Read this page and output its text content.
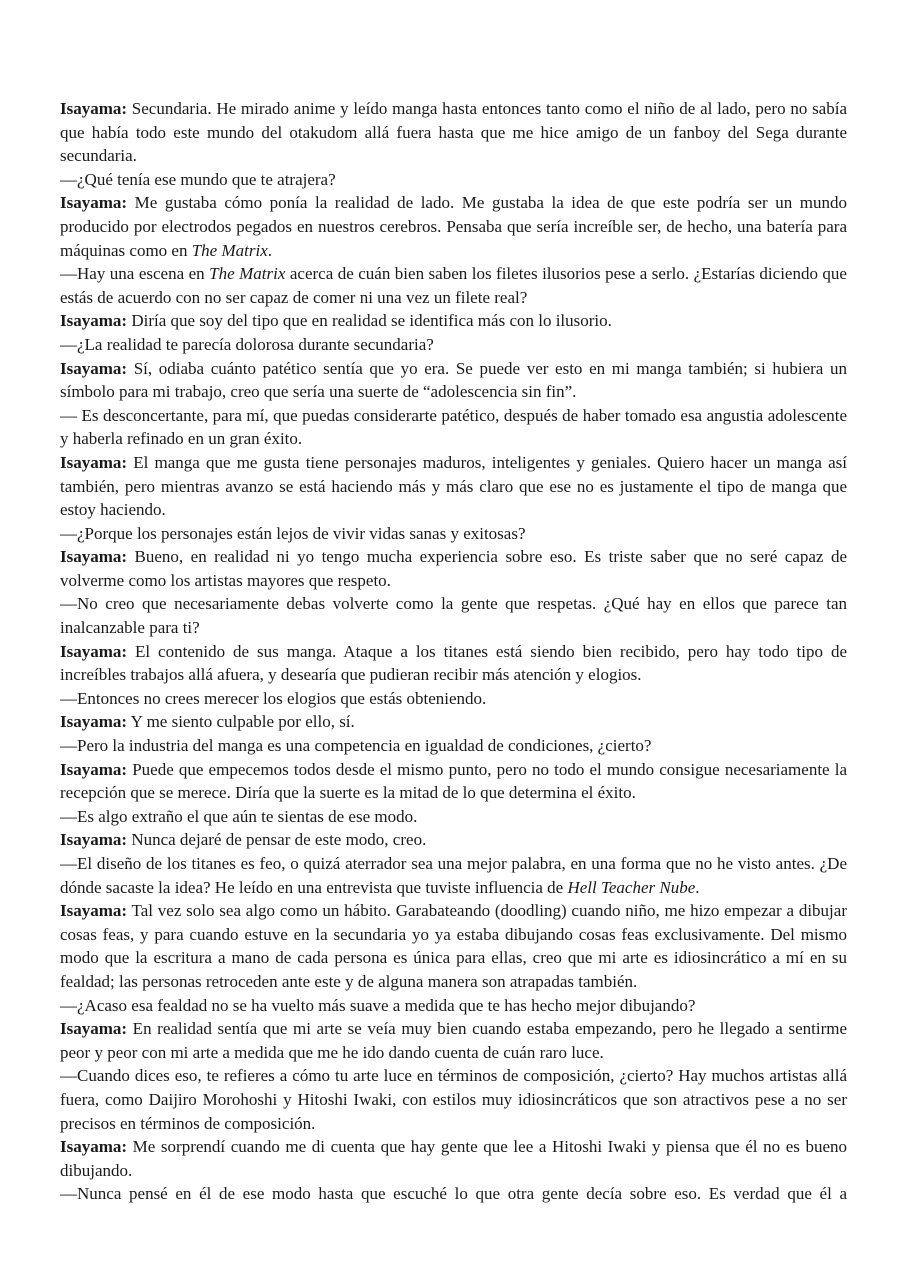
Isayama: Secundaria. He mirado anime y leído manga hasta entonces tanto como el niño de al lado, pero no sabía que había todo este mundo del otakudom allá fuera hasta que me hice amigo de un fanboy del Sega durante secundaria.

—¿Qué tenía ese mundo que te atrajera?

Isayama: Me gustaba cómo ponía la realidad de lado. Me gustaba la idea de que este podría ser un mundo producido por electrodos pegados en nuestros cerebros. Pensaba que sería increíble ser, de hecho, una batería para máquinas como en The Matrix.

—Hay una escena en The Matrix acerca de cuán bien saben los filetes ilusorios pese a serlo. ¿Estarías diciendo que estás de acuerdo con no ser capaz de comer ni una vez un filete real?

Isayama: Diría que soy del tipo que en realidad se identifica más con lo ilusorio.

—¿La realidad te parecía dolorosa durante secundaria?

Isayama: Sí, odiaba cuánto patético sentía que yo era. Se puede ver esto en mi manga también; si hubiera un símbolo para mi trabajo, creo que sería una suerte de “adolescencia sin fin”.

— Es desconcertante, para mí, que puedas considerarte patético, después de haber tomado esa angustia adolescente y haberla refinado en un gran éxito.

Isayama: El manga que me gusta tiene personajes maduros, inteligentes y geniales. Quiero hacer un manga así también, pero mientras avanzo se está haciendo más y más claro que ese no es justamente el tipo de manga que estoy haciendo.

—¿Porque los personajes están lejos de vivir vidas sanas y exitosas?

Isayama: Bueno, en realidad ni yo tengo mucha experiencia sobre eso. Es triste saber que no seré capaz de volverme como los artistas mayores que respeto.

—No creo que necesariamente debas volverte como la gente que respetas. ¿Qué hay en ellos que parece tan inalcanzable para ti?

Isayama: El contenido de sus manga. Ataque a los titanes está siendo bien recibido, pero hay todo tipo de increíbles trabajos allá afuera, y desearía que pudieran recibir más atención y elogios.

—Entonces no crees merecer los elogios que estás obteniendo.

Isayama: Y me siento culpable por ello, sí.

—Pero la industria del manga es una competencia en igualdad de condiciones, ¿cierto?

Isayama: Puede que empecemos todos desde el mismo punto, pero no todo el mundo consigue necesariamente la recepción que se merece. Diría que la suerte es la mitad de lo que determina el éxito.

—Es algo extraño el que aún te sientas de ese modo.

Isayama: Nunca dejaré de pensar de este modo, creo.

—El diseño de los titanes es feo, o quizá aterrador sea una mejor palabra, en una forma que no he visto antes. ¿De dónde sacaste la idea? He leído en una entrevista que tuviste influencia de Hell Teacher Nube.

Isayama: Tal vez solo sea algo como un hábito. Garabateando (doodling) cuando niño, me hizo empezar a dibujar cosas feas, y para cuando estuve en la secundaria yo ya estaba dibujando cosas feas exclusivamente. Del mismo modo que la escritura a mano de cada persona es única para ellas, creo que mi arte es idiosincrático a mí en su fealdad; las personas retroceden ante este y de alguna manera son atrapadas también.

—¿Acaso esa fealdad no se ha vuelto más suave a medida que te has hecho mejor dibujando?

Isayama: En realidad sentía que mi arte se veía muy bien cuando estaba empezando, pero he llegado a sentirme peor y peor con mi arte a medida que me he ido dando cuenta de cuán raro luce.

—Cuando dices eso, te refieres a cómo tu arte luce en términos de composición, ¿cierto? Hay muchos artistas allá fuera, como Daijiro Morohoshi y Hitoshi Iwaki, con estilos muy idiosincráticos que son atractivos pese a no ser precisos en términos de composición.

Isayama: Me sorprendí cuando me di cuenta que hay gente que lee a Hitoshi Iwaki y piensa que él no es bueno dibujando.

—Nunca pensé en él de ese modo hasta que escuché lo que otra gente decía sobre eso. Es verdad que él a
